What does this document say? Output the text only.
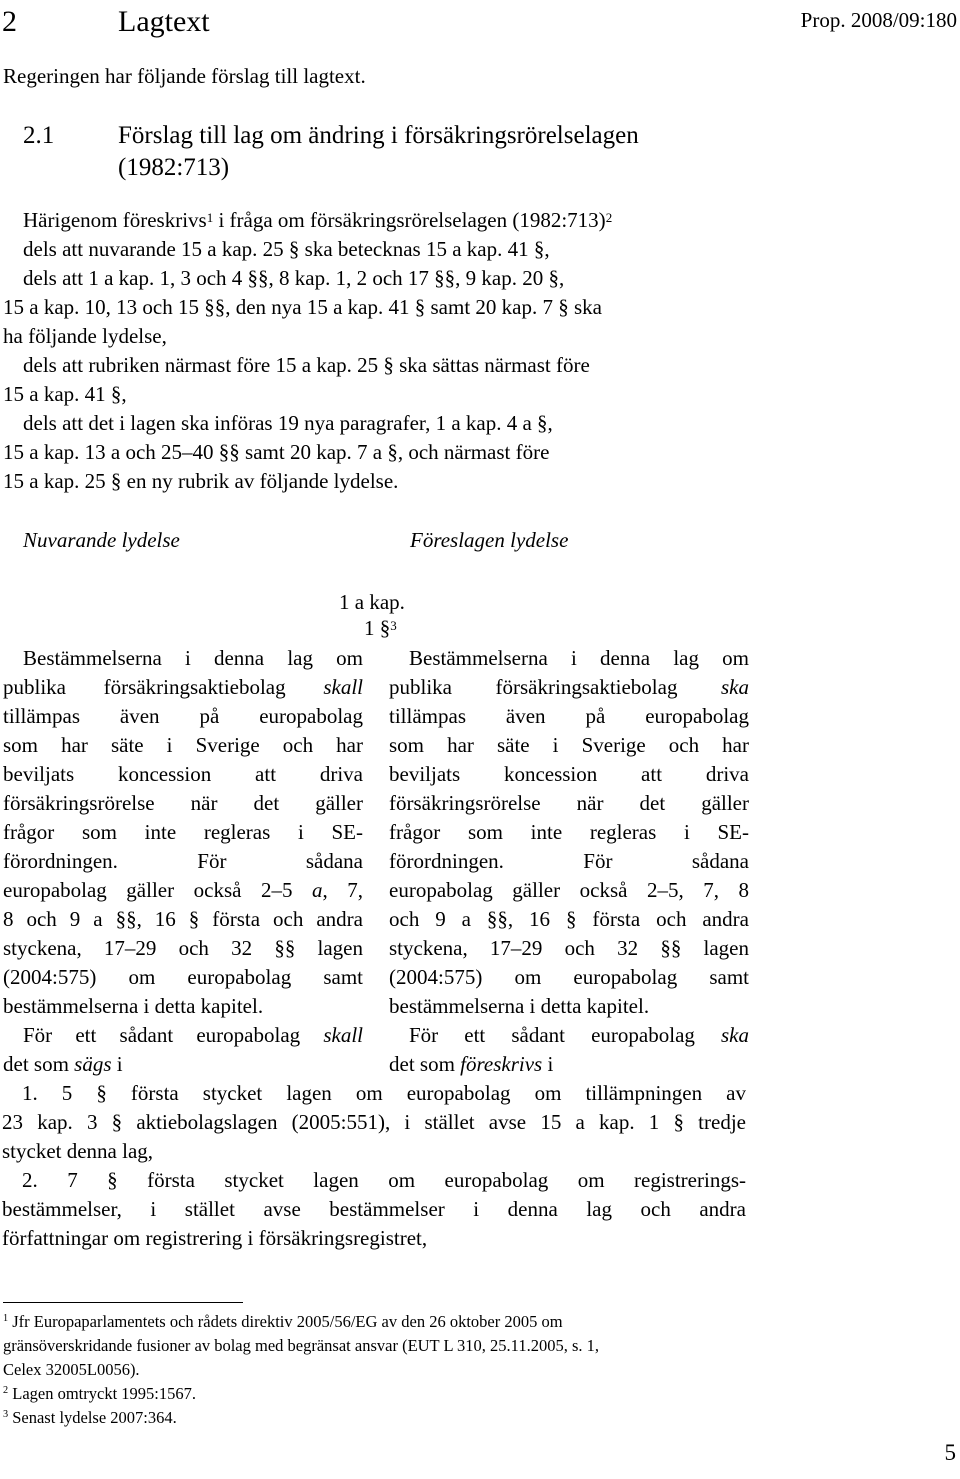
2	Lagtext	Prop. 2008/09:180
Regeringen har följande förslag till lagtext.
2.1	Förslag till lag om ändring i försäkringsrörelselagen
(1982:713)
Härigenom föreskrivs$^1$ i fråga om försäkringsrörelselagen (1982:713)$^2$
dels att nuvarande 15 a kap. 25 § ska betecknas 15 a kap. 41 §,
dels att 1 a kap. 1, 3 och 4 §§, 8 kap. 1, 2 och 17 §§, 9 kap. 20 §,
15 a kap. 10, 13 och 15 §§, den nya 15 a kap. 41 § samt 20 kap. 7 § ska
ha följande lydelse,
dels att rubriken närmast före 15 a kap. 25 § ska sättas närmast före
15 a kap. 41 §,
dels att det i lagen ska införas 19 nya paragrafer, 1 a kap. 4 a §,
15 a kap. 13 a och 25–40 §§ samt 20 kap. 7 a §, och närmast före
15 a kap. 25 § en ny rubrik av följande lydelse.
Nuvarande lydelse	Föreslagen lydelse
1 a kap.
1 §$^3$
Bestämmelserna i denna lag om
publika försäkringsaktiebolag skall
tillämpas även på europabolag
som har säte i Sverige och har
beviljats koncession att driva
försäkringsrörelse när det gäller
frågor som inte regleras i SE-
förordningen. För sådana
europabolag gäller också 2–5 a, 7,
8 och 9 a §§, 16 § första och andra
styckena, 17–29 och 32 §§ lagen
(2004:575) om europabolag samt
bestämmelserna i detta kapitel.
För ett sådant europabolag skall
det som sägs i
Bestämmelserna i denna lag om
publika försäkringsaktiebolag ska
tillämpas även på europabolag
som har säte i Sverige och har
beviljats koncession att driva
försäkringsrörelse när det gäller
frågor som inte regleras i SE-
förordningen. För sådana
europabolag gäller också 2–5, 7, 8
och 9 a §§, 16 § första och andra
styckena, 17–29 och 32 §§ lagen
(2004:575) om europabolag samt
bestämmelserna i detta kapitel.
För ett sådant europabolag ska
det som föreskrivs i
1. 5 § första stycket lagen om europabolag om tillämpningen av
23 kap. 3 § aktiebolagslagen (2005:551), i stället avse 15 a kap. 1 § tredje
stycket denna lag,
2. 7 § första stycket lagen om europabolag om registrerings-
bestämmelser, i stället avse bestämmelser i denna lag och andra
författningar om registrering i försäkringsregistret,
$^1$ Jfr Europaparlamentets och rådets direktiv 2005/56/EG av den 26 oktober 2005 om
gränsöverskridande fusioner av bolag med begränsat ansvar (EUT L 310, 25.11.2005, s. 1,
Celex 32005L0056).
$^2$ Lagen omtryckt 1995:1567.
$^3$ Senast lydelse 2007:364.
5
